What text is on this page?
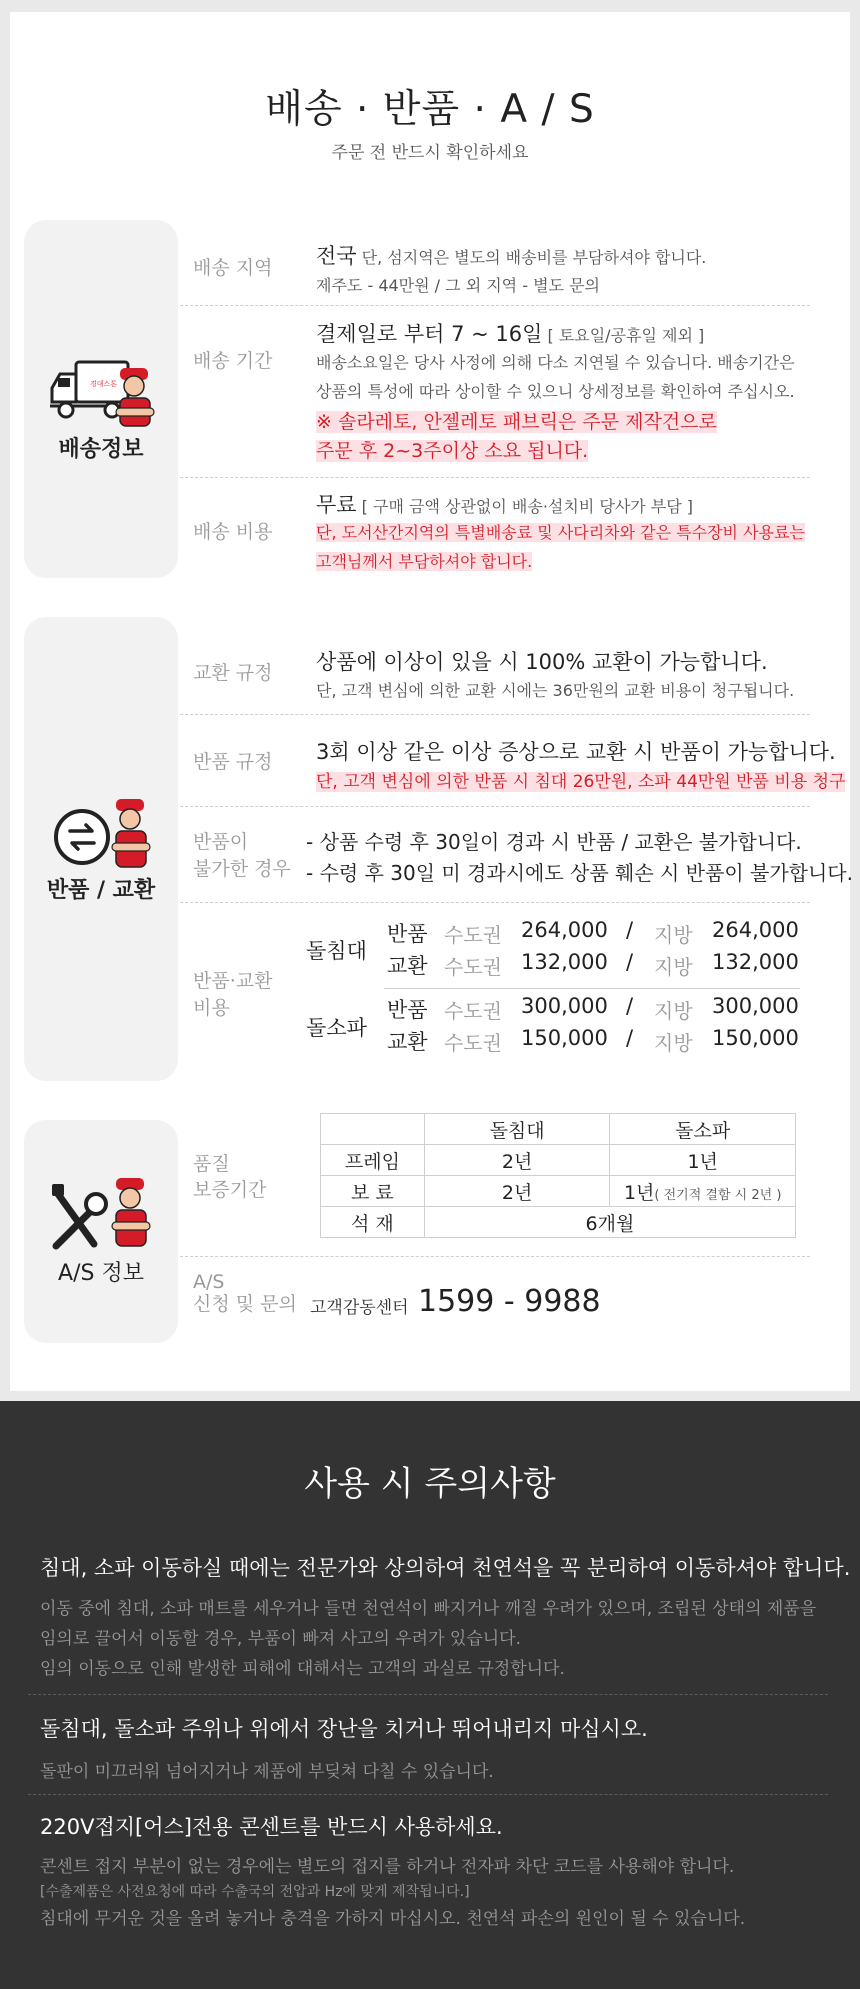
배송 · 반품 · A / S
주문 전 반드시 확인하세요
경대스톤
배송정보
배송 지역 전국 단, 섬지역은 별도의 배송비를 부담하셔야 합니다.
제주도 - 44만원 / 그 외 지역 - 별도 문의
배송 기간
결제일로 부터 7 ~ 16일 [ 토요일/공휴일 제외 ]
배송소요일은 당사 사정에 의해 다소 지연될 수 있습니다. 배송기간은
상품의 특성에 따라 상이할 수 있으니 상세정보를 확인하여 주십시오.
※ 솔라레토, 안젤레토 패브릭은 주문 제작건으로
주문 후 2~3주이상 소요 됩니다.
배송 비용
무료 [ 구매 금액 상관없이 배송·설치비 당사가 부담 ]
단, 도서산간지역의 특별배송료 및 사다리차와 같은 특수장비 사용료는
고객님께서 부담하셔야 합니다.
반품 / 교환
교환 규정 상품에 이상이 있을 시 100% 교환이 가능합니다.
단, 고객 변심에 의한 교환 시에는 36만원의 교환 비용이 청구됩니다.
반품 규정 3회 이상 같은 이상 증상으로 교환 시 반품이 가능합니다.
단, 고객 변심에 의한 반품 시 침대 26만원, 소파 44만원 반품 비용 청구
반품이
불가한 경우
- 상품 수령 후 30일이 경과 시 반품 / 교환은 불가합니다.
- 수령 후 30일 미 경과시에도 상품 훼손 시 반품이 불가합니다.
반품·교환
비용
돌침대
반품 수도권 264,000 / 지방 264,000
교환 수도권 132,000 / 지방 132,000
돌소파
반품 수도권 300,000 / 지방 300,000
교환 수도권 150,000 / 지방 150,000
A/S 정보
품질
보증기간
	돌침대	돌소파
프레임	2년	1년
보 료	2년	1년( 전기적 결함 시 2년 )
석 재	6개월	
A/S
신청 및 문의 고객감동센터 1599 - 9988
사용 시 주의사항
침대, 소파 이동하실 때에는 전문가와 상의하여 천연석을 꼭 분리하여 이동하셔야 합니다.
이동 중에 침대, 소파 매트를 세우거나 들면 천연석이 빠지거나 깨질 우려가 있으며, 조립된 상태의 제품을
임의로 끌어서 이동할 경우, 부품이 빠져 사고의 우려가 있습니다.
임의 이동으로 인해 발생한 피해에 대해서는 고객의 과실로 규정합니다.
돌침대, 돌소파 주위나 위에서 장난을 치거나 뛰어내리지 마십시오.
돌판이 미끄러워 넘어지거나 제품에 부딪쳐 다칠 수 있습니다.
220V접지[어스]전용 콘센트를 반드시 사용하세요.
콘센트 접지 부분이 없는 경우에는 별도의 접지를 하거나 전자파 차단 코드를 사용해야 합니다.
[수출제품은 사전요청에 따라 수출국의 전압과 Hz에 맞게 제작됩니다.]
침대에 무거운 것을 올려 놓거나 충격을 가하지 마십시오. 천연석 파손의 원인이 될 수 있습니다.
